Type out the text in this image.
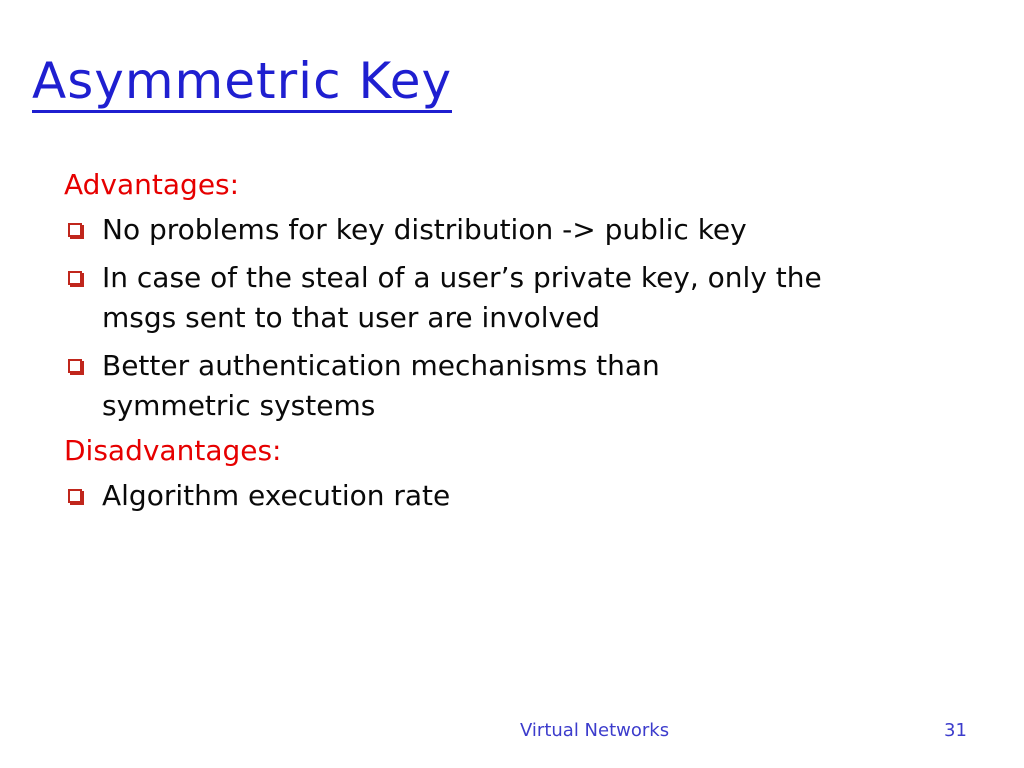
Asymmetric Key
Advantages:
No problems for key distribution -> public key
In case of the steal of a user’s private key, only the msgs sent to that user are involved
Better authentication mechanisms than symmetric systems
Disadvantages:
Algorithm execution rate
Virtual Networks	31
